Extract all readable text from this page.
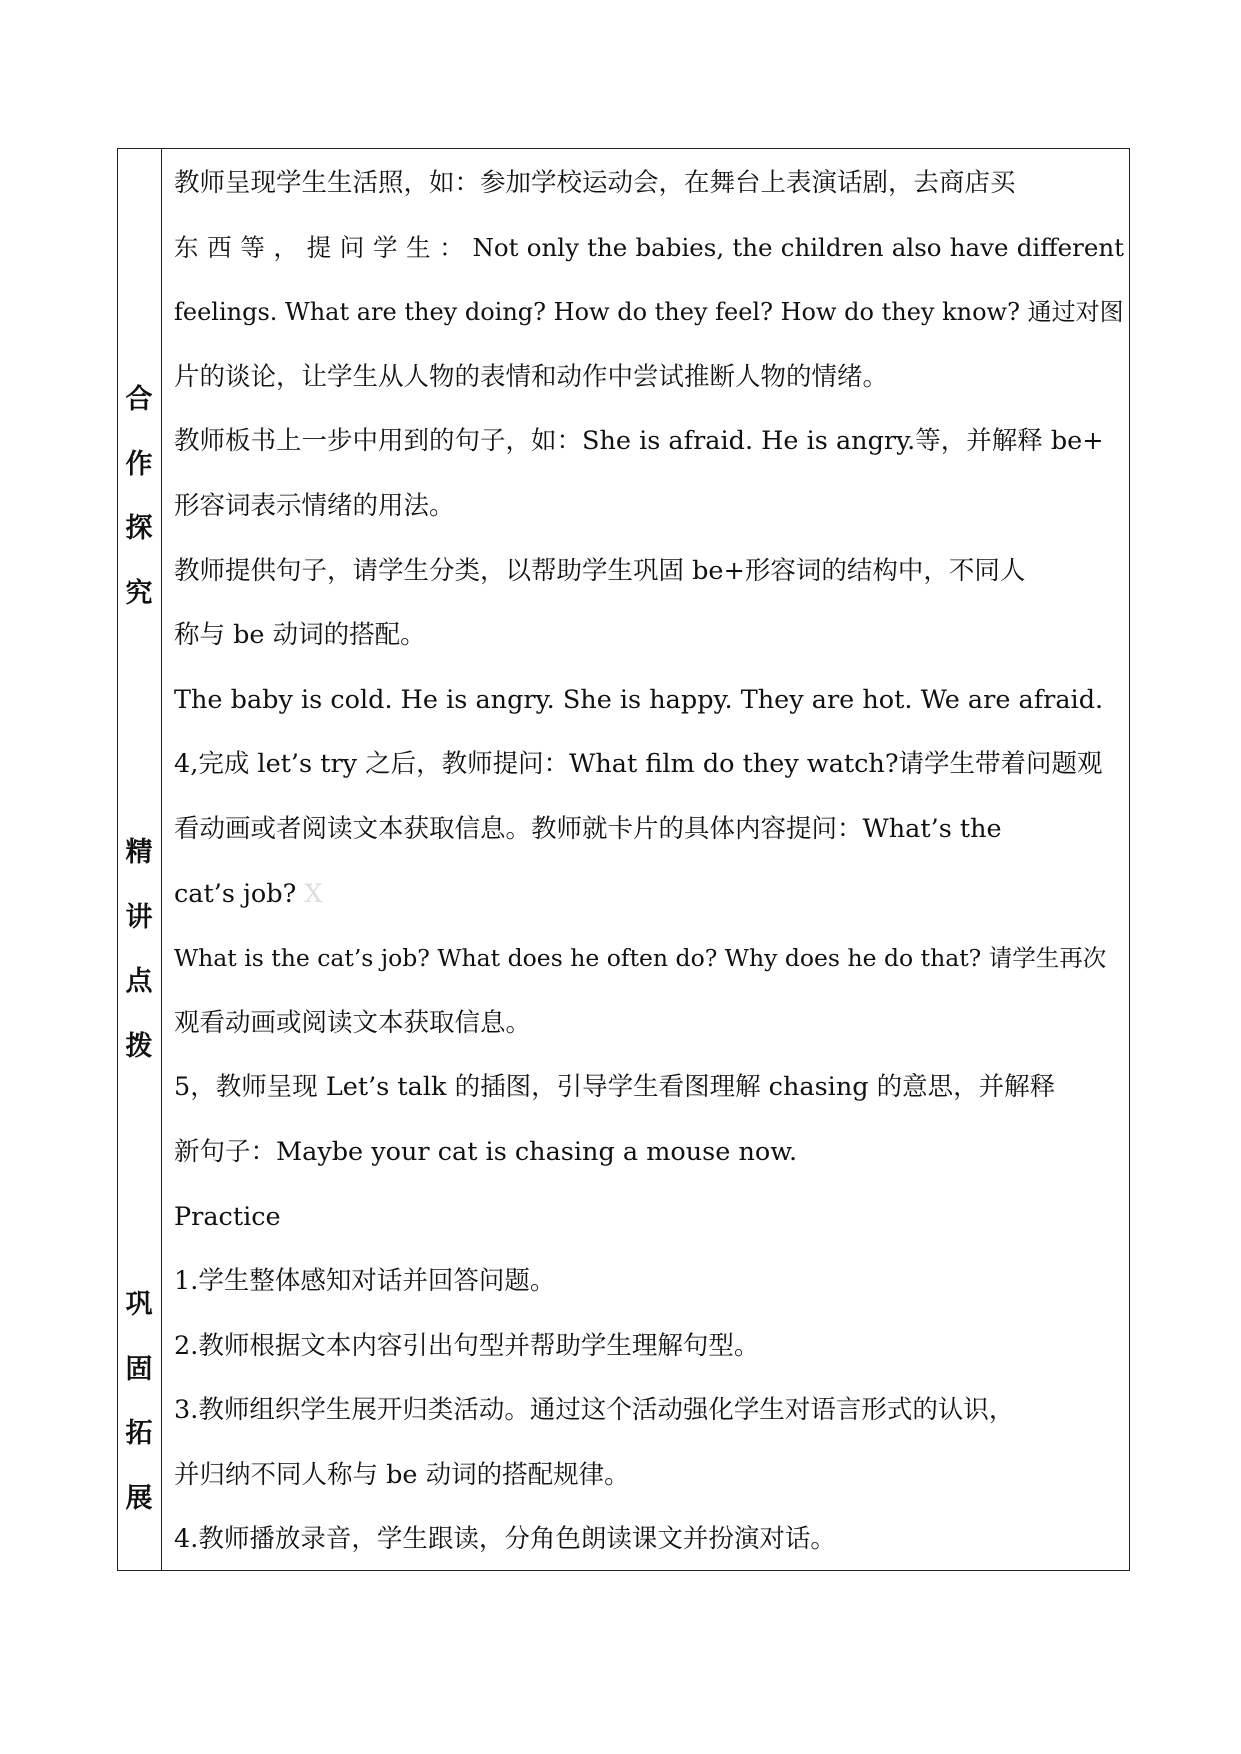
合
作
探
究
精
讲
点
拨
巩
固
拓
展
教师呈现学生生活照，如：参加学校运动会，在舞台上表演话剧，去商店买
东 西 等 ， 提 问 学 生 ： Not only the babies, the children also have different
feelings. What are they doing? How do they feel? How do they know? 通过对图
片的谈论，让学生从人物的表情和动作中尝试推断人物的情绪。
教师板书上一步中用到的句子，如：She is afraid. He is angry.等，并解释 be+
形容词表示情绪的用法。
教师提供句子，请学生分类，以帮助学生巩固 be+形容词的结构中，不同人
称与 be 动词的搭配。
The baby is cold. He is angry. She is happy. They are hot. We are afraid.
4,完成 let’s try 之后，教师提问：What film do they watch?请学生带着问题观
看动画或者阅读文本获取信息。教师就卡片的具体内容提问：What’s the
cat’s job? X
What is the cat’s job? What does he often do? Why does he do that? 请学生再次
观看动画或阅读文本获取信息。
5，教师呈现 Let’s talk 的插图，引导学生看图理解 chasing 的意思，并解释
新句子：Maybe your cat is chasing a mouse now.
Practice
1.学生整体感知对话并回答问题。
2.教师根据文本内容引出句型并帮助学生理解句型。
3.教师组织学生展开归类活动。通过这个活动强化学生对语言形式的认识，
并归纳不同人称与 be 动词的搭配规律。
4.教师播放录音，学生跟读，分角色朗读课文并扮演对话。
